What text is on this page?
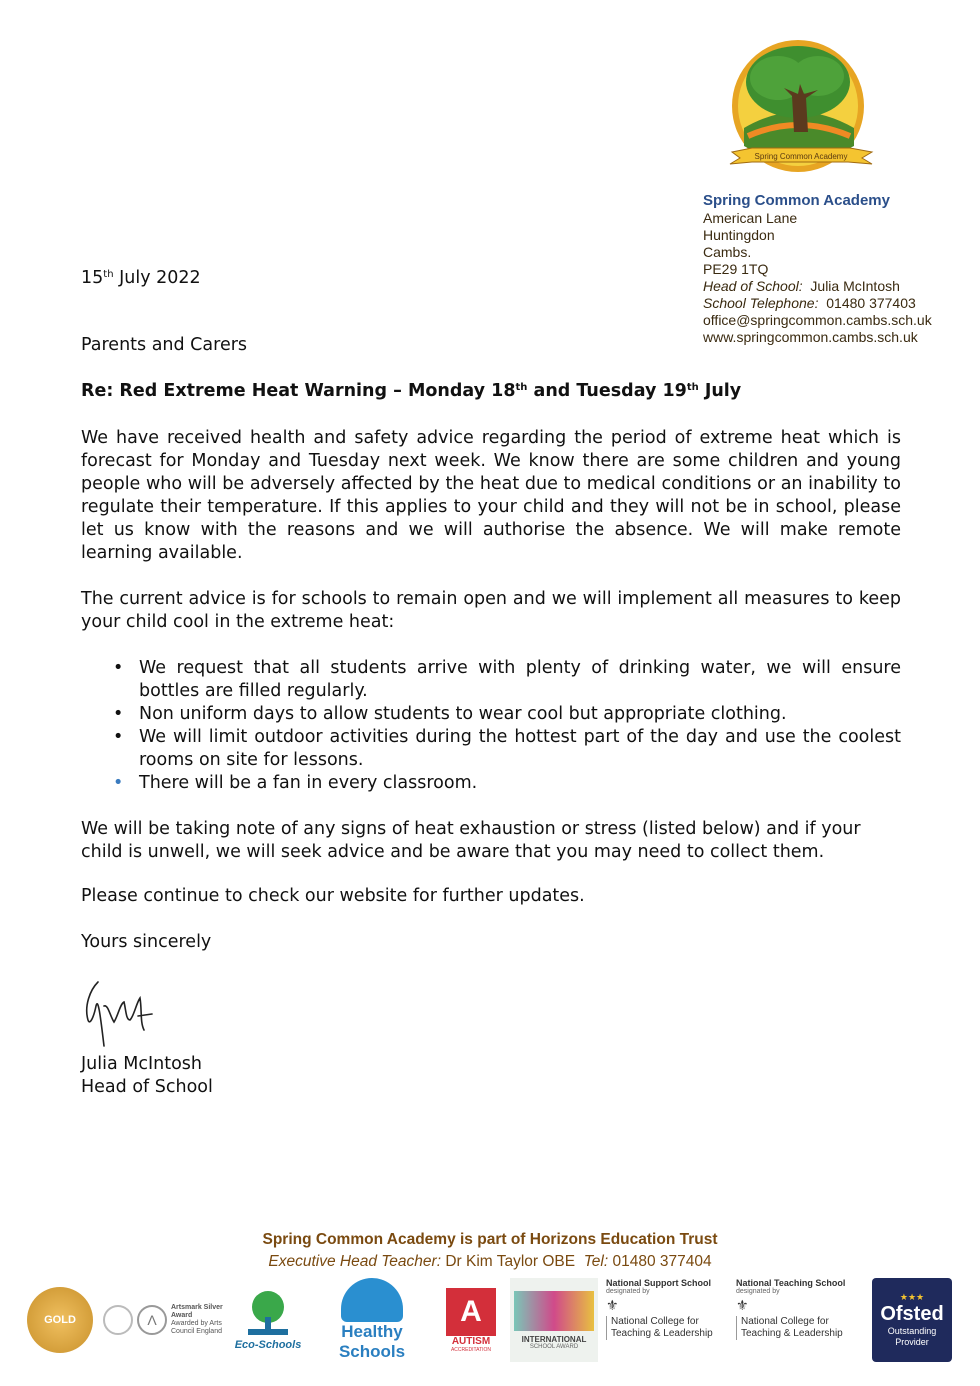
Spring Common Academy
Spring Common Academy
American Lane
Huntingdon
Cambs.
PE29 1TQ
Head of School: Julia McIntosh
School Telephone: 01480 377403
office@springcommon.cambs.sch.uk
www.springcommon.cambs.sch.uk
15th July 2022
Parents and Carers
Re: Red Extreme Heat Warning – Monday 18th and Tuesday 19th July
We have received health and safety advice regarding the period of extreme heat which is forecast for Monday and Tuesday next week. We know there are some children and young people who will be adversely affected by the heat due to medical conditions or an inability to regulate their temperature. If this applies to your child and they will not be in school, please let us know with the reasons and we will authorise the absence. We will make remote learning available.
The current advice is for schools to remain open and we will implement all measures to keep your child cool in the extreme heat:
• We request that all students arrive with plenty of drinking water, we will ensure bottles are filled regularly.
• Non uniform days to allow students to wear cool but appropriate clothing.
• We will limit outdoor activities during the hottest part of the day and use the coolest rooms on site for lessons.
• There will be a fan in every classroom.
We will be taking note of any signs of heat exhaustion or stress (listed below) and if your child is unwell, we will seek advice and be aware that you may need to collect them.
Please continue to check our website for further updates.
Yours sincerely
Julia McIntosh
Head of School
Spring Common Academy is part of Horizons Education Trust
Executive Head Teacher: Dr Kim Taylor OBE Tel: 01480 377404
GOLD	Λ
Artsmark Silver Award
Awarded by Arts Council England
Eco-Schools
Healthy Schools
A
AUTISM
ACCREDITATION
INTERNATIONAL
SCHOOL AWARD
National Support School
designated by
⚜
National College for Teaching & Leadership
National Teaching School
designated by
⚜
National College for Teaching & Leadership
★★★
Ofsted
Outstanding Provider
